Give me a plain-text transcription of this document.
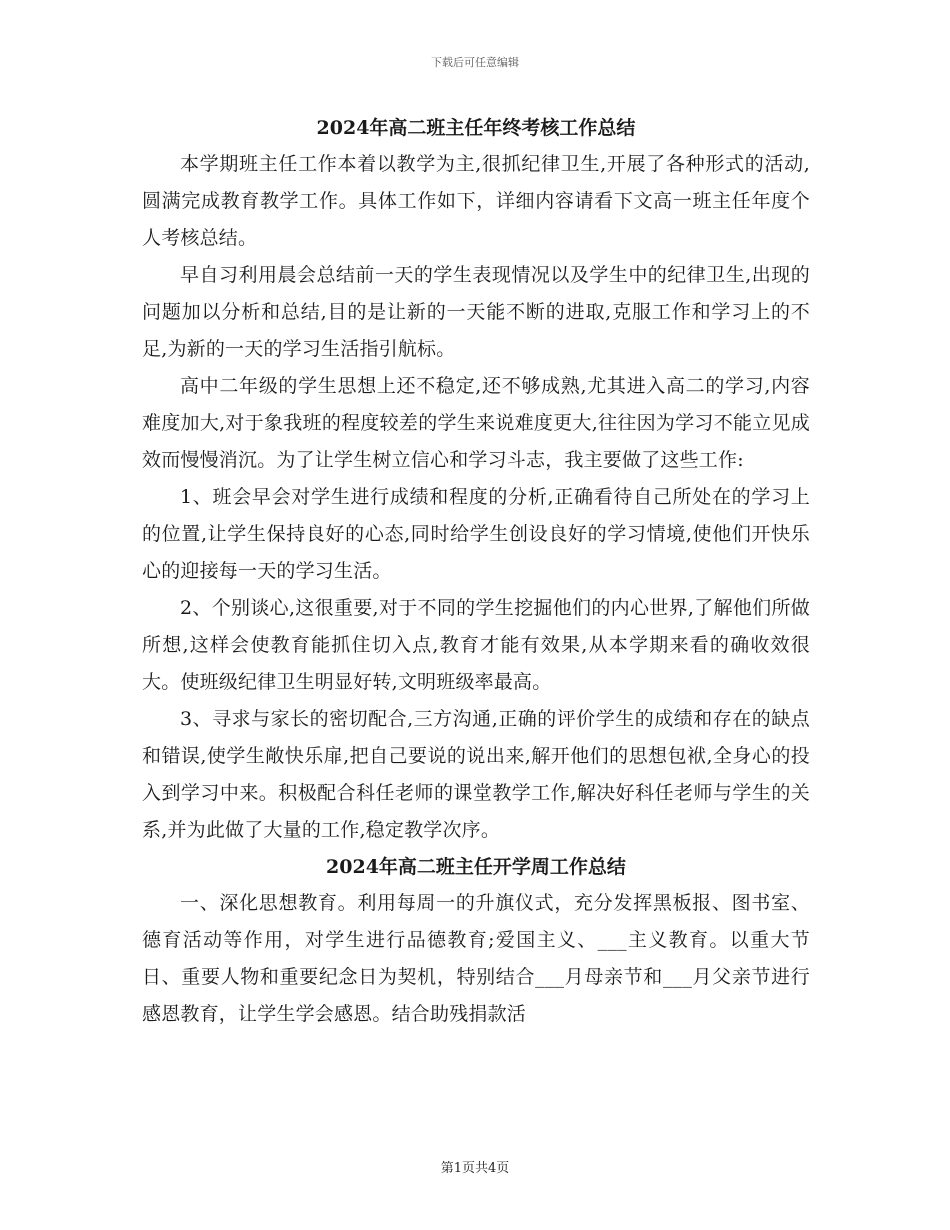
下载后可任意编辑
2024年高二班主任年终考核工作总结

本学期班主任工作本着以教学为主,很抓纪律卫生,开展了各种形式的活动,圆满完成教育教学工作。具体工作如下，详细内容请看下文高一班主任年度个人考核总结。

早自习利用晨会总结前一天的学生表现情况以及学生中的纪律卫生,出现的问题加以分析和总结,目的是让新的一天能不断的进取,克服工作和学习上的不足,为新的一天的学习生活指引航标。

高中二年级的学生思想上还不稳定,还不够成熟,尤其进入高二的学习,内容难度加大,对于象我班的程度较差的学生来说难度更大,往往因为学习不能立见成效而慢慢消沉。为了让学生树立信心和学习斗志，我主要做了这些工作:

1、班会早会对学生进行成绩和程度的分析,正确看待自己所处在的学习上的位置,让学生保持良好的心态,同时给学生创设良好的学习情境,使他们开快乐心的迎接每一天的学习生活。

2、个别谈心,这很重要,对于不同的学生挖掘他们的内心世界,了解他们所做所想,这样会使教育能抓住切入点,教育才能有效果,从本学期来看的确收效很大。使班级纪律卫生明显好转,文明班级率最高。

3、寻求与家长的密切配合,三方沟通,正确的评价学生的成绩和存在的缺点和错误,使学生敞快乐扉,把自己要说的说出来,解开他们的思想包袱,全身心的投入到学习中来。积极配合科任老师的课堂教学工作,解决好科任老师与学生的关系,并为此做了大量的工作,稳定教学次序。

2024年高二班主任开学周工作总结

一、深化思想教育。利用每周一的升旗仪式，充分发挥黑板报、图书室、德育活动等作用，对学生进行品德教育;爱国主义、___主义教育。以重大节日、重要人物和重要纪念日为契机，特别结合___月母亲节和___月父亲节进行感恩教育，让学生学会感恩。结合助残捐款活

第1页共4页
